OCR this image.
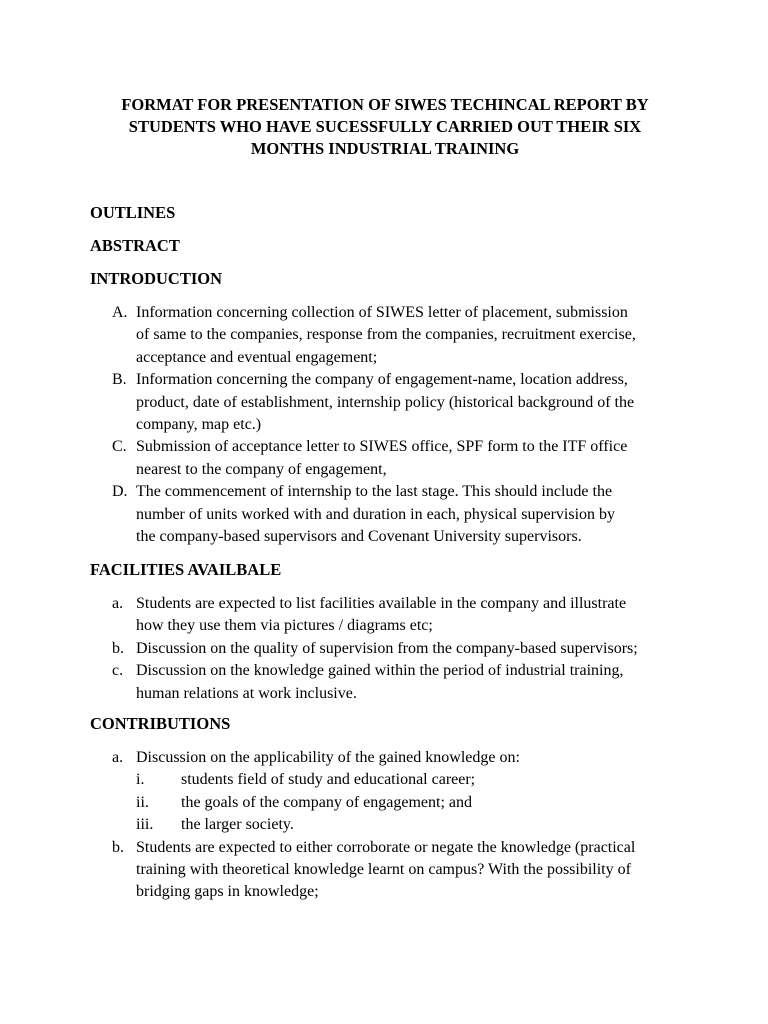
FORMAT FOR PRESENTATION OF SIWES TECHINCAL REPORT BY
STUDENTS WHO HAVE SUCESSFULLY CARRIED OUT THEIR SIX
MONTHS INDUSTRIAL TRAINING
OUTLINES
ABSTRACT
INTRODUCTION
A. Information concerning collection of SIWES letter of placement, submission
of same to the companies, response from the companies, recruitment exercise,
acceptance and eventual engagement;
B. Information concerning the company of engagement-name, location address,
product, date of establishment, internship policy (historical background of the
company, map etc.)
C. Submission of acceptance letter to SIWES office, SPF form to the ITF office
nearest to the company of engagement,
D. The commencement of internship to the last stage. This should include the
number of units worked with and duration in each, physical supervision by
the company-based supervisors and Covenant University supervisors.
FACILITIES AVAILBALE
a. Students are expected to list facilities available in the company and illustrate
how they use them via pictures / diagrams etc;
b. Discussion on the quality of supervision from the company-based supervisors;
c. Discussion on the knowledge gained within the period of industrial training,
human relations at work inclusive.
CONTRIBUTIONS
a. Discussion on the applicability of the gained knowledge on:
i. students field of study and educational career;
ii. the goals of the company of engagement; and
iii. the larger society.
b. Students are expected to either corroborate or negate the knowledge (practical
training with theoretical knowledge learnt on campus? With the possibility of
bridging gaps in knowledge;
